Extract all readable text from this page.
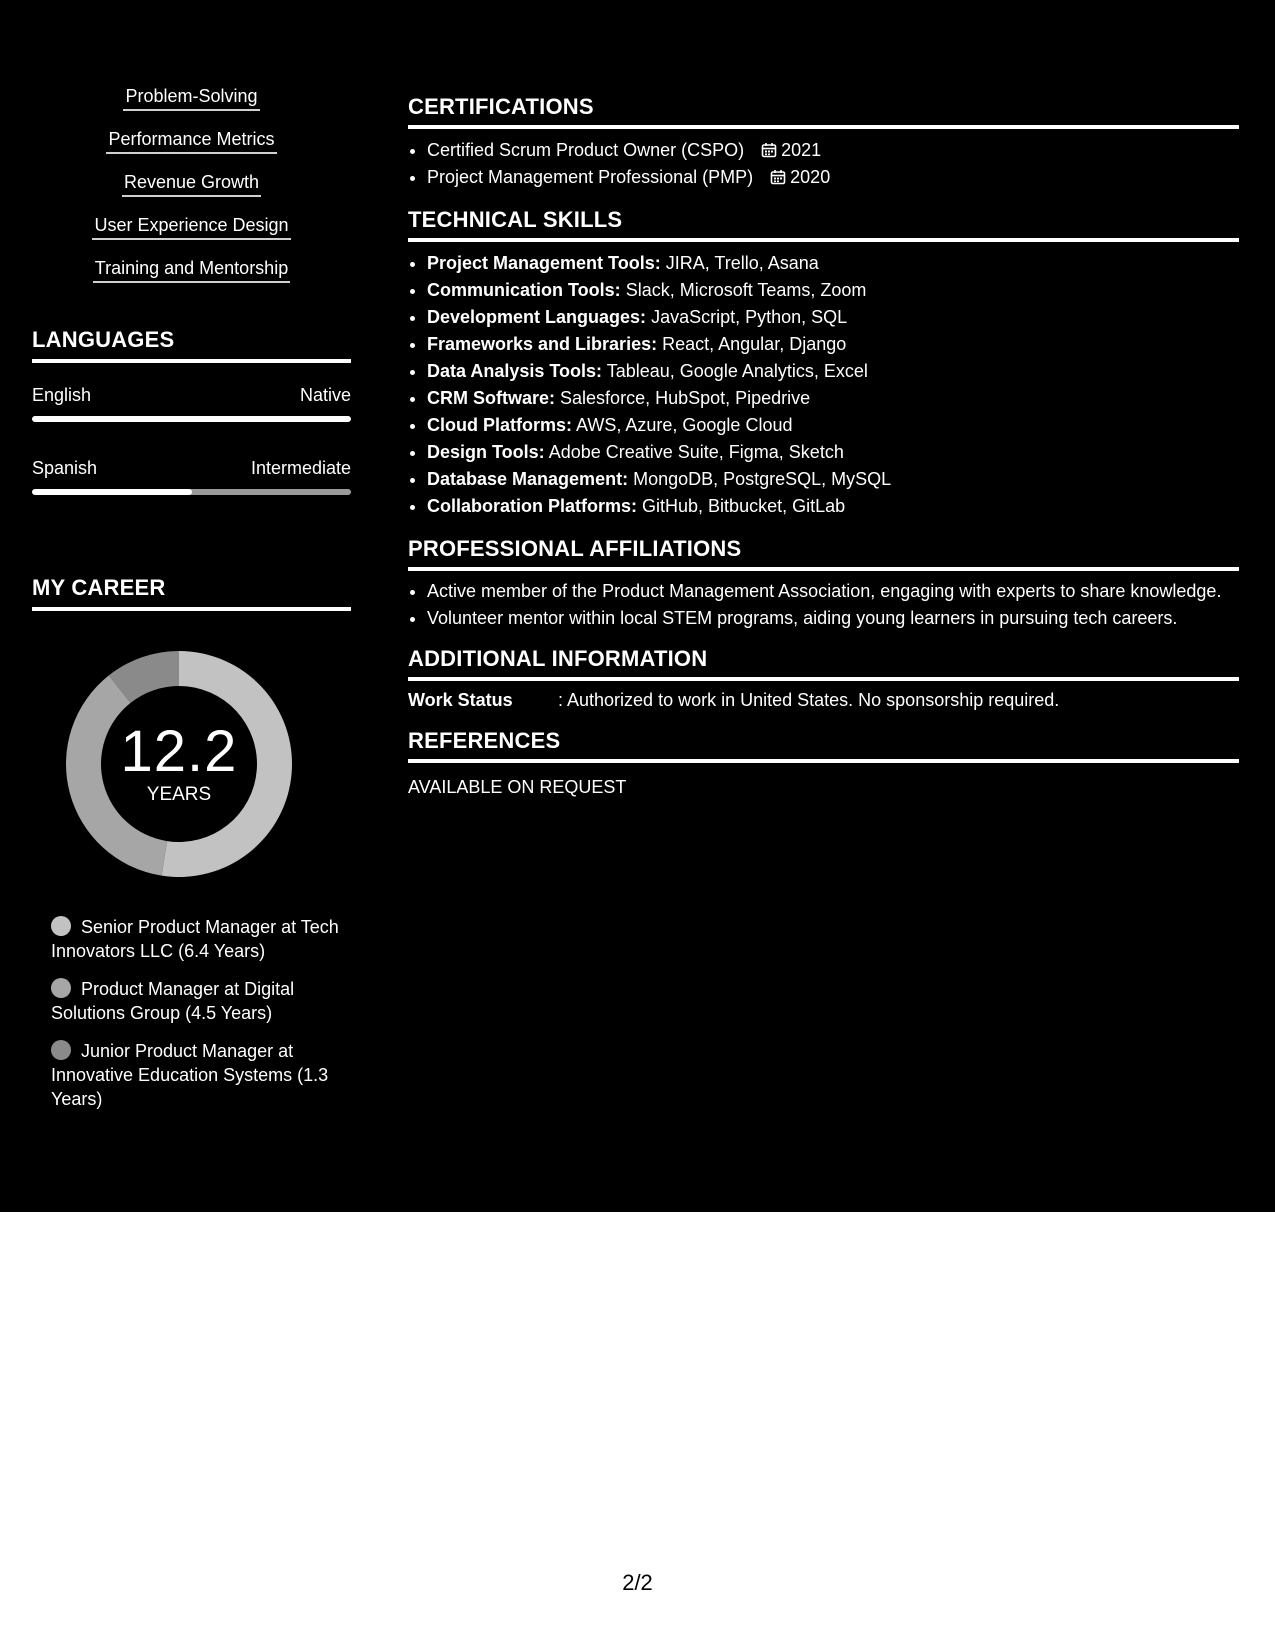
Problem-Solving
Performance Metrics
Revenue Growth
User Experience Design
Training and Mentorship
LANGUAGES
English	Native
Spanish	Intermediate
MY CAREER
12.2
YEARS
Senior Product Manager at Tech Innovators LLC (6.4 Years)
Product Manager at Digital Solutions Group (4.5 Years)
Junior Product Manager at Innovative Education Systems (1.3 Years)
CERTIFICATIONS
• Certified Scrum Product Owner (CSPO) 2021
• Project Management Professional (PMP) 2020
TECHNICAL SKILLS
• Project Management Tools: JIRA, Trello, Asana
• Communication Tools: Slack, Microsoft Teams, Zoom
• Development Languages: JavaScript, Python, SQL
• Frameworks and Libraries: React, Angular, Django
• Data Analysis Tools: Tableau, Google Analytics, Excel
• CRM Software: Salesforce, HubSpot, Pipedrive
• Cloud Platforms: AWS, Azure, Google Cloud
• Design Tools: Adobe Creative Suite, Figma, Sketch
• Database Management: MongoDB, PostgreSQL, MySQL
• Collaboration Platforms: GitHub, Bitbucket, GitLab
PROFESSIONAL AFFILIATIONS
• Active member of the Product Management Association, engaging with experts to share knowledge.
• Volunteer mentor within local STEM programs, aiding young learners in pursuing tech careers.
ADDITIONAL INFORMATION
Work Status	: Authorized to work in United States. No sponsorship required.
REFERENCES
AVAILABLE ON REQUEST
2/2
